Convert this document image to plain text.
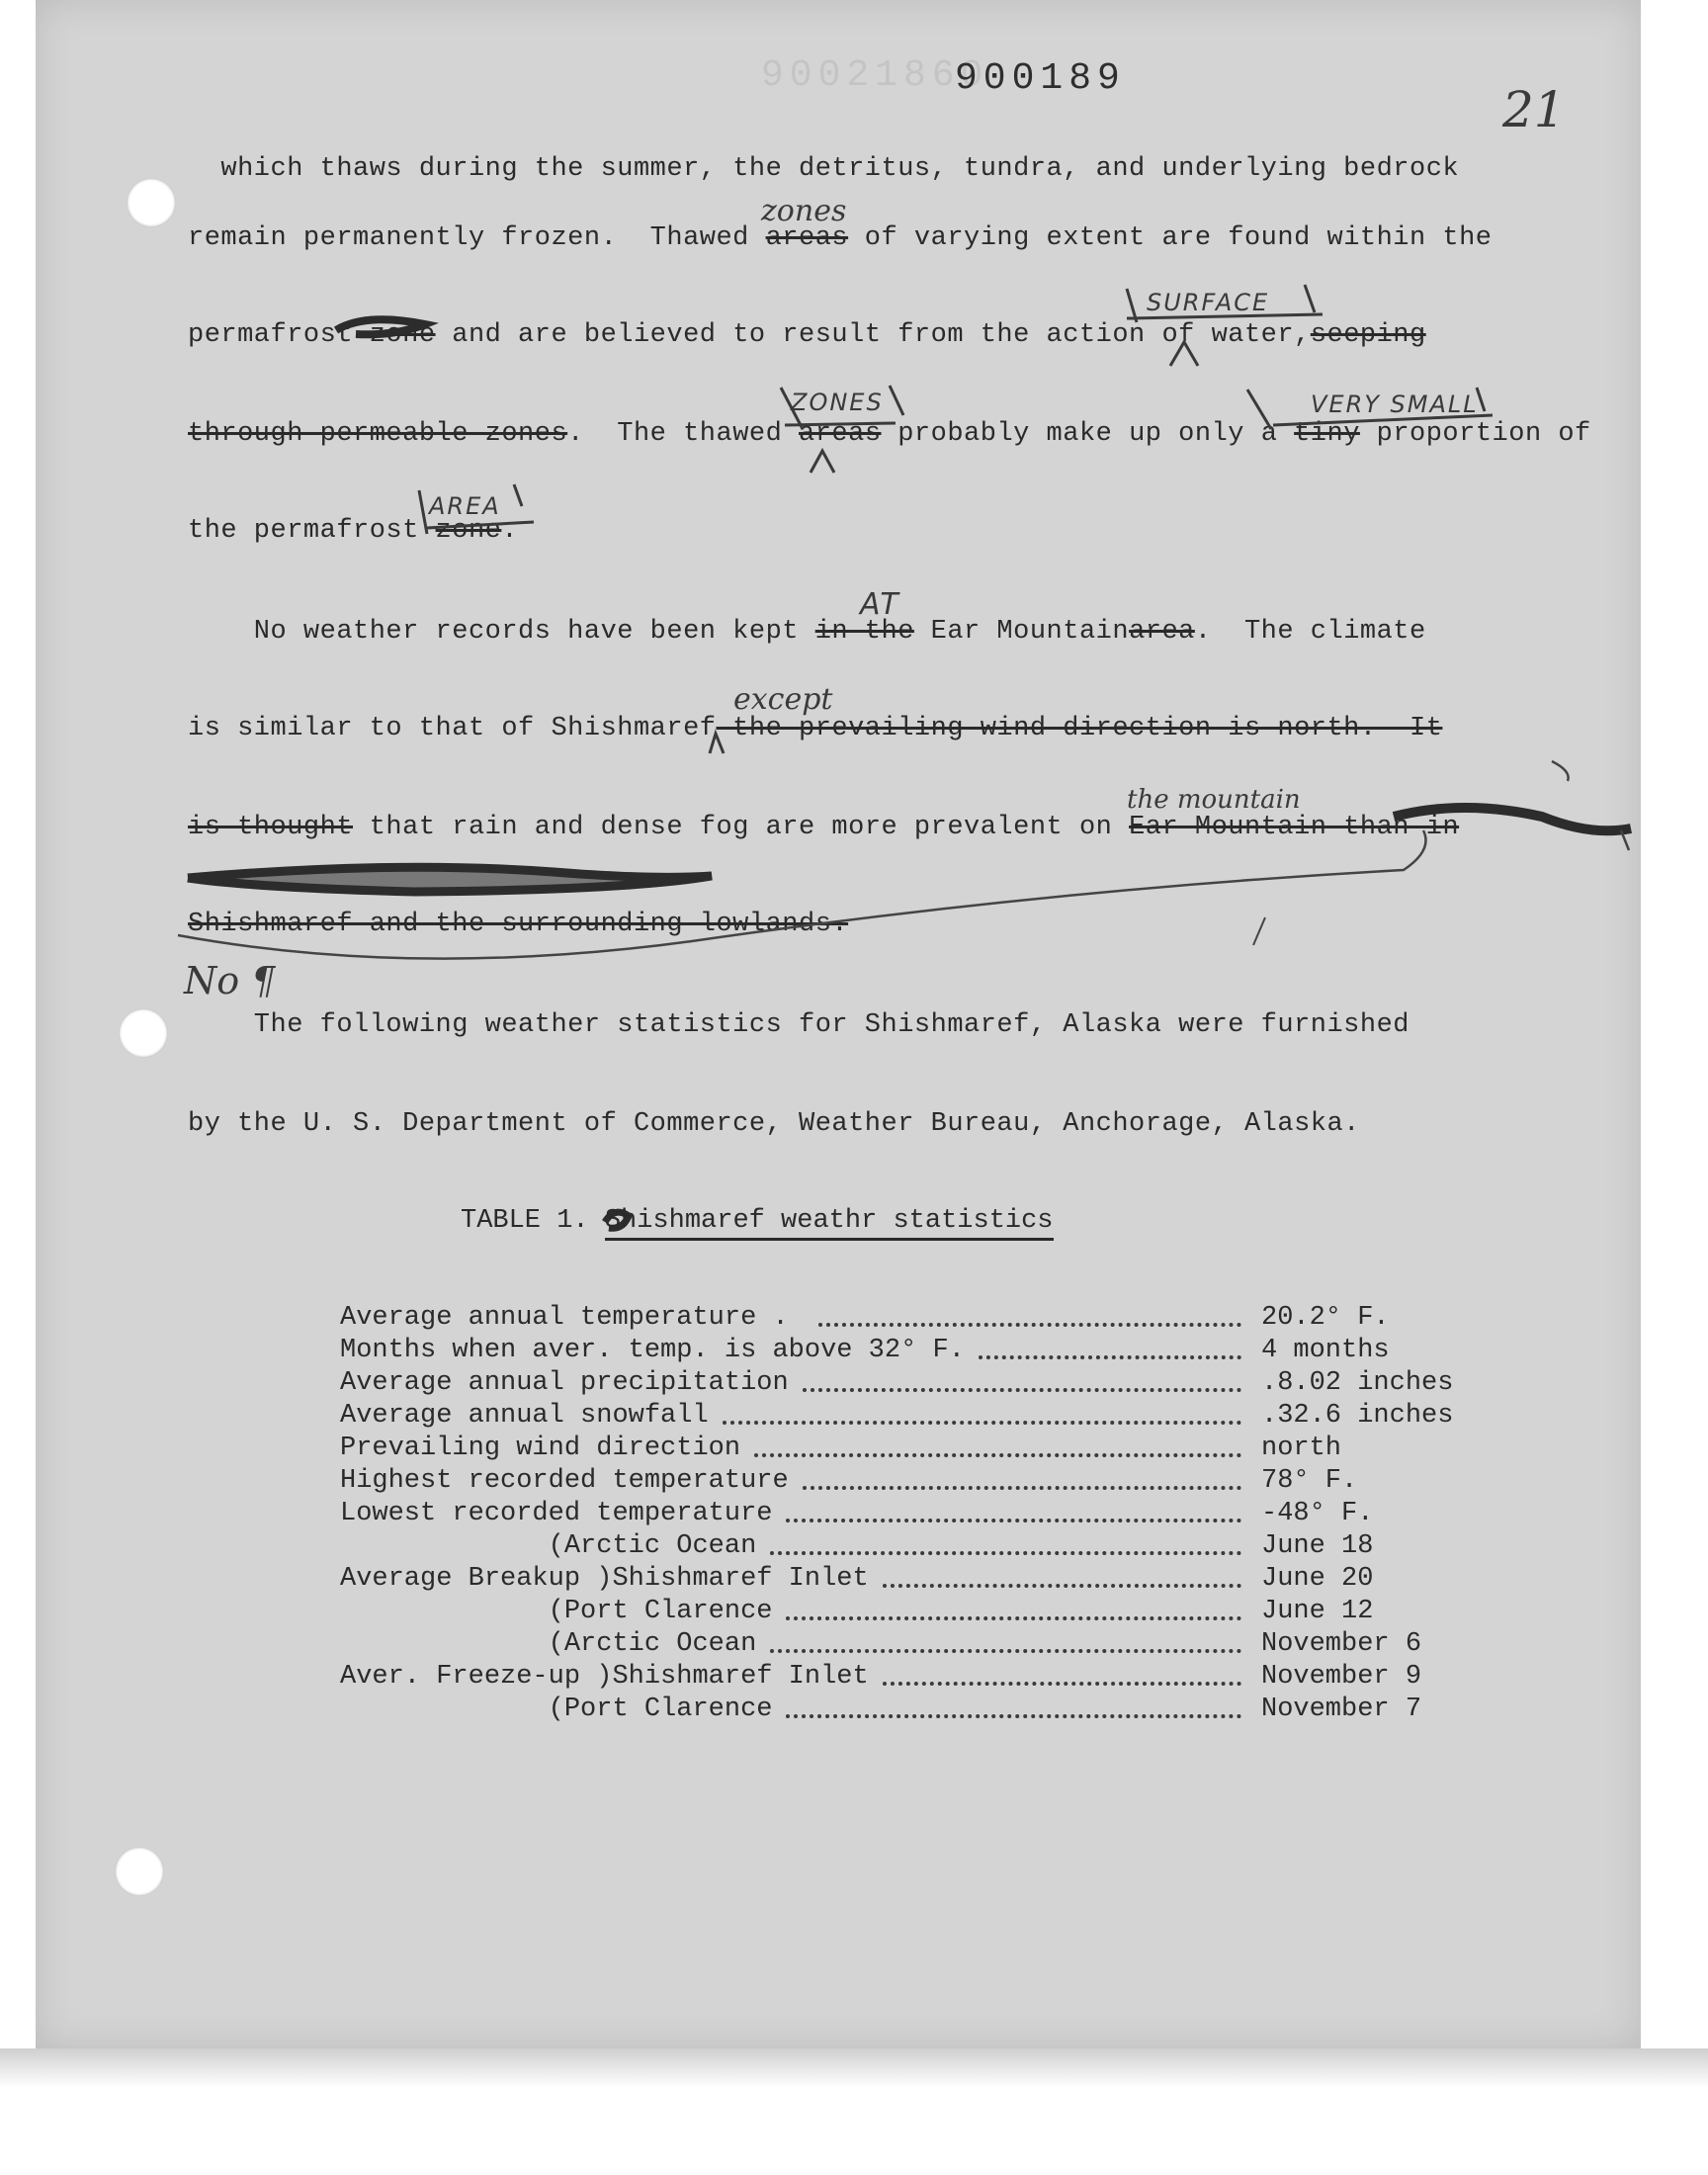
90021860
900189
21

which thaws during the summer, the detritus, tundra, and underlying bedrock

remain permanently frozen.  Thawed areas of varying extent are found within the
permafrost zone and are believed to result from the action of water,seeping
through permeable zones.  The thawed areas probably make up only a tiny proportion of
the permafrost zone.
No weather records have been kept in the Ear Mountainarea.  The climate
is similar to that of Shishmaref the prevailing wind direction is north.  It
is thought that rain and dense fog are more prevalent on Ear Mountain than in
Shishmaref and the surrounding lowlands.
The following weather statistics for Shishmaref, Alaska were furnished
by the U. S. Department of Commerce, Weather Bureau, Anchorage, Alaska.
zones
SURFACE
ZONES	VERY SMALL
AREA
AT
except
the mountain
No ¶
TABLE 1. Shishmaref weathr statistics
Average annual temperature .	20.2° F.
Months when aver. temp. is above 32° F.	4 months
Average annual precipitation	.8.02 inches
Average annual snowfall	.32.6 inches
Prevailing wind direction	north
Highest recorded temperature	78° F.
Lowest recorded temperature	-48° F.
(Arctic Ocean	June 18
Average Breakup )Shishmaref Inlet	June 20
(Port Clarence	June 12
(Arctic Ocean	November 6
Aver. Freeze-up )Shishmaref Inlet	November 9
(Port Clarence	November 7
